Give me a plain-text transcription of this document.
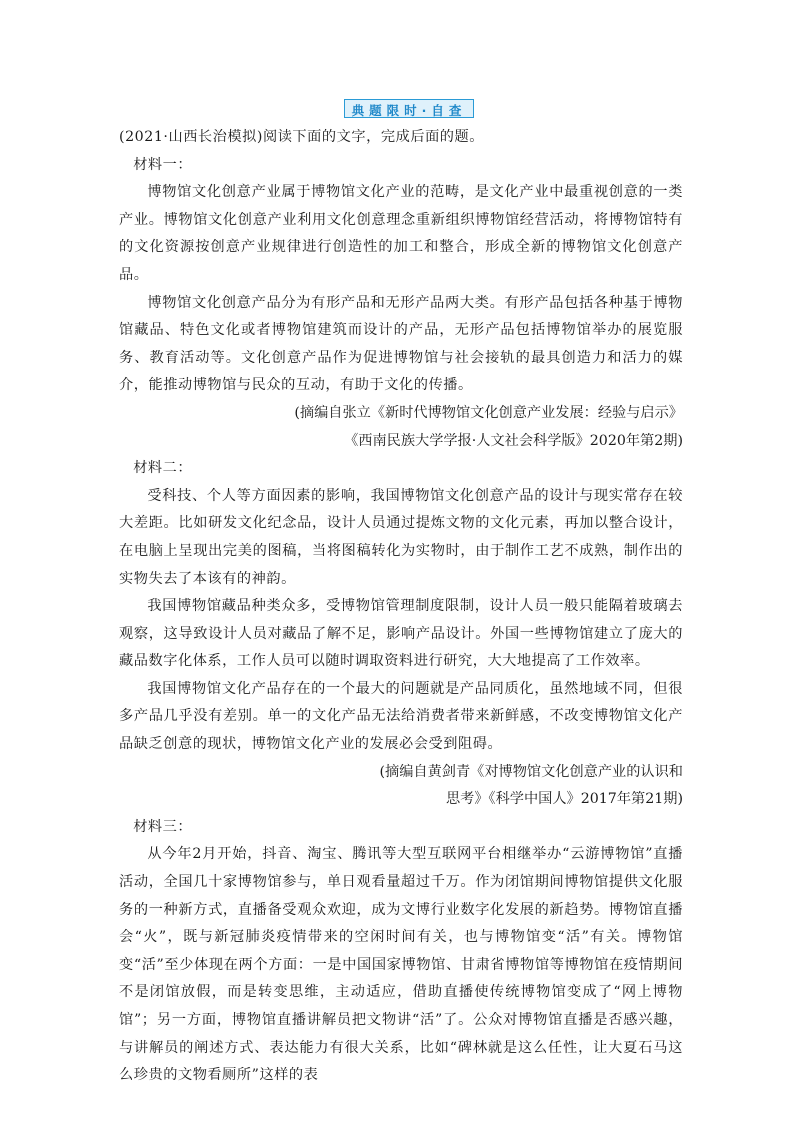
典题限时·自查

(2021·山西长治模拟)阅读下面的文字，完成后面的题。

材料一：

博物馆文化创意产业属于博物馆文化产业的范畴，是文化产业中最重视创意的一类产业。博物馆文化创意产业利用文化创意理念重新组织博物馆经营活动，将博物馆特有的文化资源按创意产业规律进行创造性的加工和整合，形成全新的博物馆文化创意产品。

博物馆文化创意产品分为有形产品和无形产品两大类。有形产品包括各种基于博物馆藏品、特色文化或者博物馆建筑而设计的产品，无形产品包括博物馆举办的展览服务、教育活动等。文化创意产品作为促进博物馆与社会接轨的最具创造力和活力的媒介，能推动博物馆与民众的互动，有助于文化的传播。

(摘编自张立《新时代博物馆文化创意产业发展：经验与启示》

《西南民族大学学报·人文社会科学版》2020年第2期)

材料二：

受科技、个人等方面因素的影响，我国博物馆文化创意产品的设计与现实常存在较大差距。比如研发文化纪念品，设计人员通过提炼文物的文化元素，再加以整合设计，在电脑上呈现出完美的图稿，当将图稿转化为实物时，由于制作工艺不成熟，制作出的实物失去了本该有的神韵。

我国博物馆藏品种类众多，受博物馆管理制度限制，设计人员一般只能隔着玻璃去观察，这导致设计人员对藏品了解不足，影响产品设计。外国一些博物馆建立了庞大的藏品数字化体系，工作人员可以随时调取资料进行研究，大大地提高了工作效率。

我国博物馆文化产品存在的一个最大的问题就是产品同质化，虽然地域不同，但很多产品几乎没有差别。单一的文化产品无法给消费者带来新鲜感，不改变博物馆文化产品缺乏创意的现状，博物馆文化产业的发展必会受到阻碍。

(摘编自黄剑青《对博物馆文化创意产业的认识和

思考》《科学中国人》2017年第21期)

材料三：

从今年2月开始，抖音、淘宝、腾讯等大型互联网平台相继举办“云游博物馆”直播活动，全国几十家博物馆参与，单日观看量超过千万。作为闭馆期间博物馆提供文化服务的一种新方式，直播备受观众欢迎，成为文博行业数字化发展的新趋势。博物馆直播会“火”，既与新冠肺炎疫情带来的空闲时间有关，也与博物馆变“活”有关。博物馆变“活”至少体现在两个方面：一是中国国家博物馆、甘肃省博物馆等博物馆在疫情期间不是闭馆放假，而是转变思维，主动适应，借助直播使传统博物馆变成了“网上博物馆”；另一方面，博物馆直播讲解员把文物讲“活”了。公众对博物馆直播是否感兴趣，与讲解员的阐述方式、表达能力有很大关系，比如“碑林就是这么任性，让大夏石马这么珍贵的文物看厕所”这样的表
